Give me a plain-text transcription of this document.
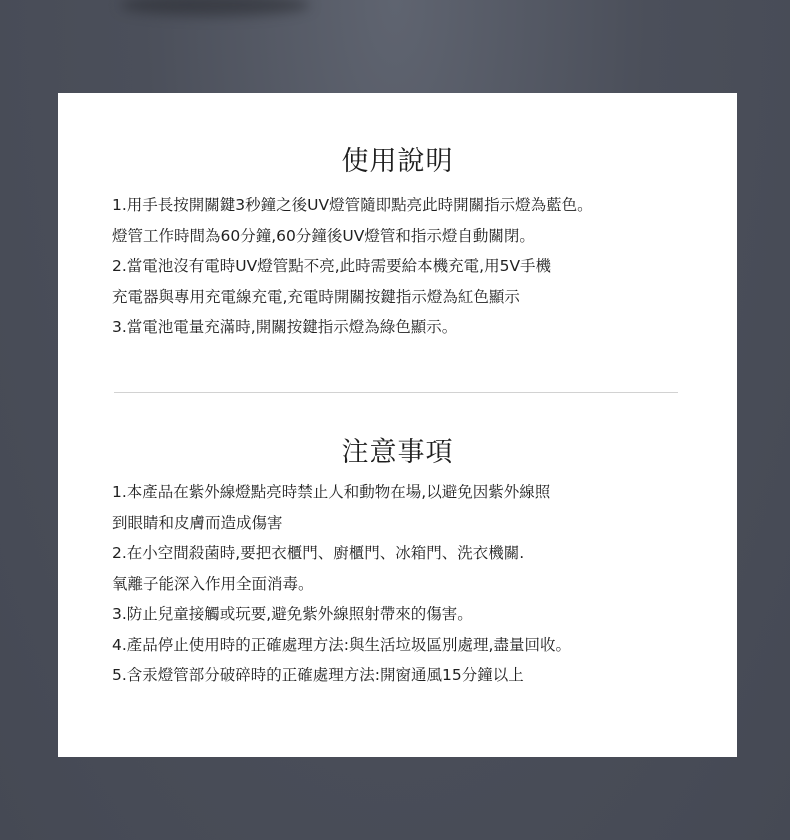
使用說明
1.用手長按開關鍵3秒鐘之後UV燈管隨即點亮此時開關指示燈為藍色。
燈管工作時間為60分鐘,60分鐘後UV燈管和指示燈自動關閉。
2.當電池沒有電時UV燈管點不亮,此時需要給本機充電,用5V手機
充電器與專用充電線充電,充電時開關按鍵指示燈為紅色顯示
3.當電池電量充滿時,開關按鍵指示燈為綠色顯示。
注意事項
1.本產品在紫外線燈點亮時禁止人和動物在場,以避免因紫外線照
到眼睛和皮膚而造成傷害
2.在小空間殺菌時,要把衣櫃門、廚櫃門、冰箱門、洗衣機關.
氧離子能深入作用全面消毒。
3.防止兒童接觸或玩要,避免紫外線照射帶來的傷害。
4.產品停止使用時的正確處理方法:與生活垃圾區別處理,盡量回收。
5.含汞燈管部分破碎時的正確處理方法:開窗通風15分鐘以上
